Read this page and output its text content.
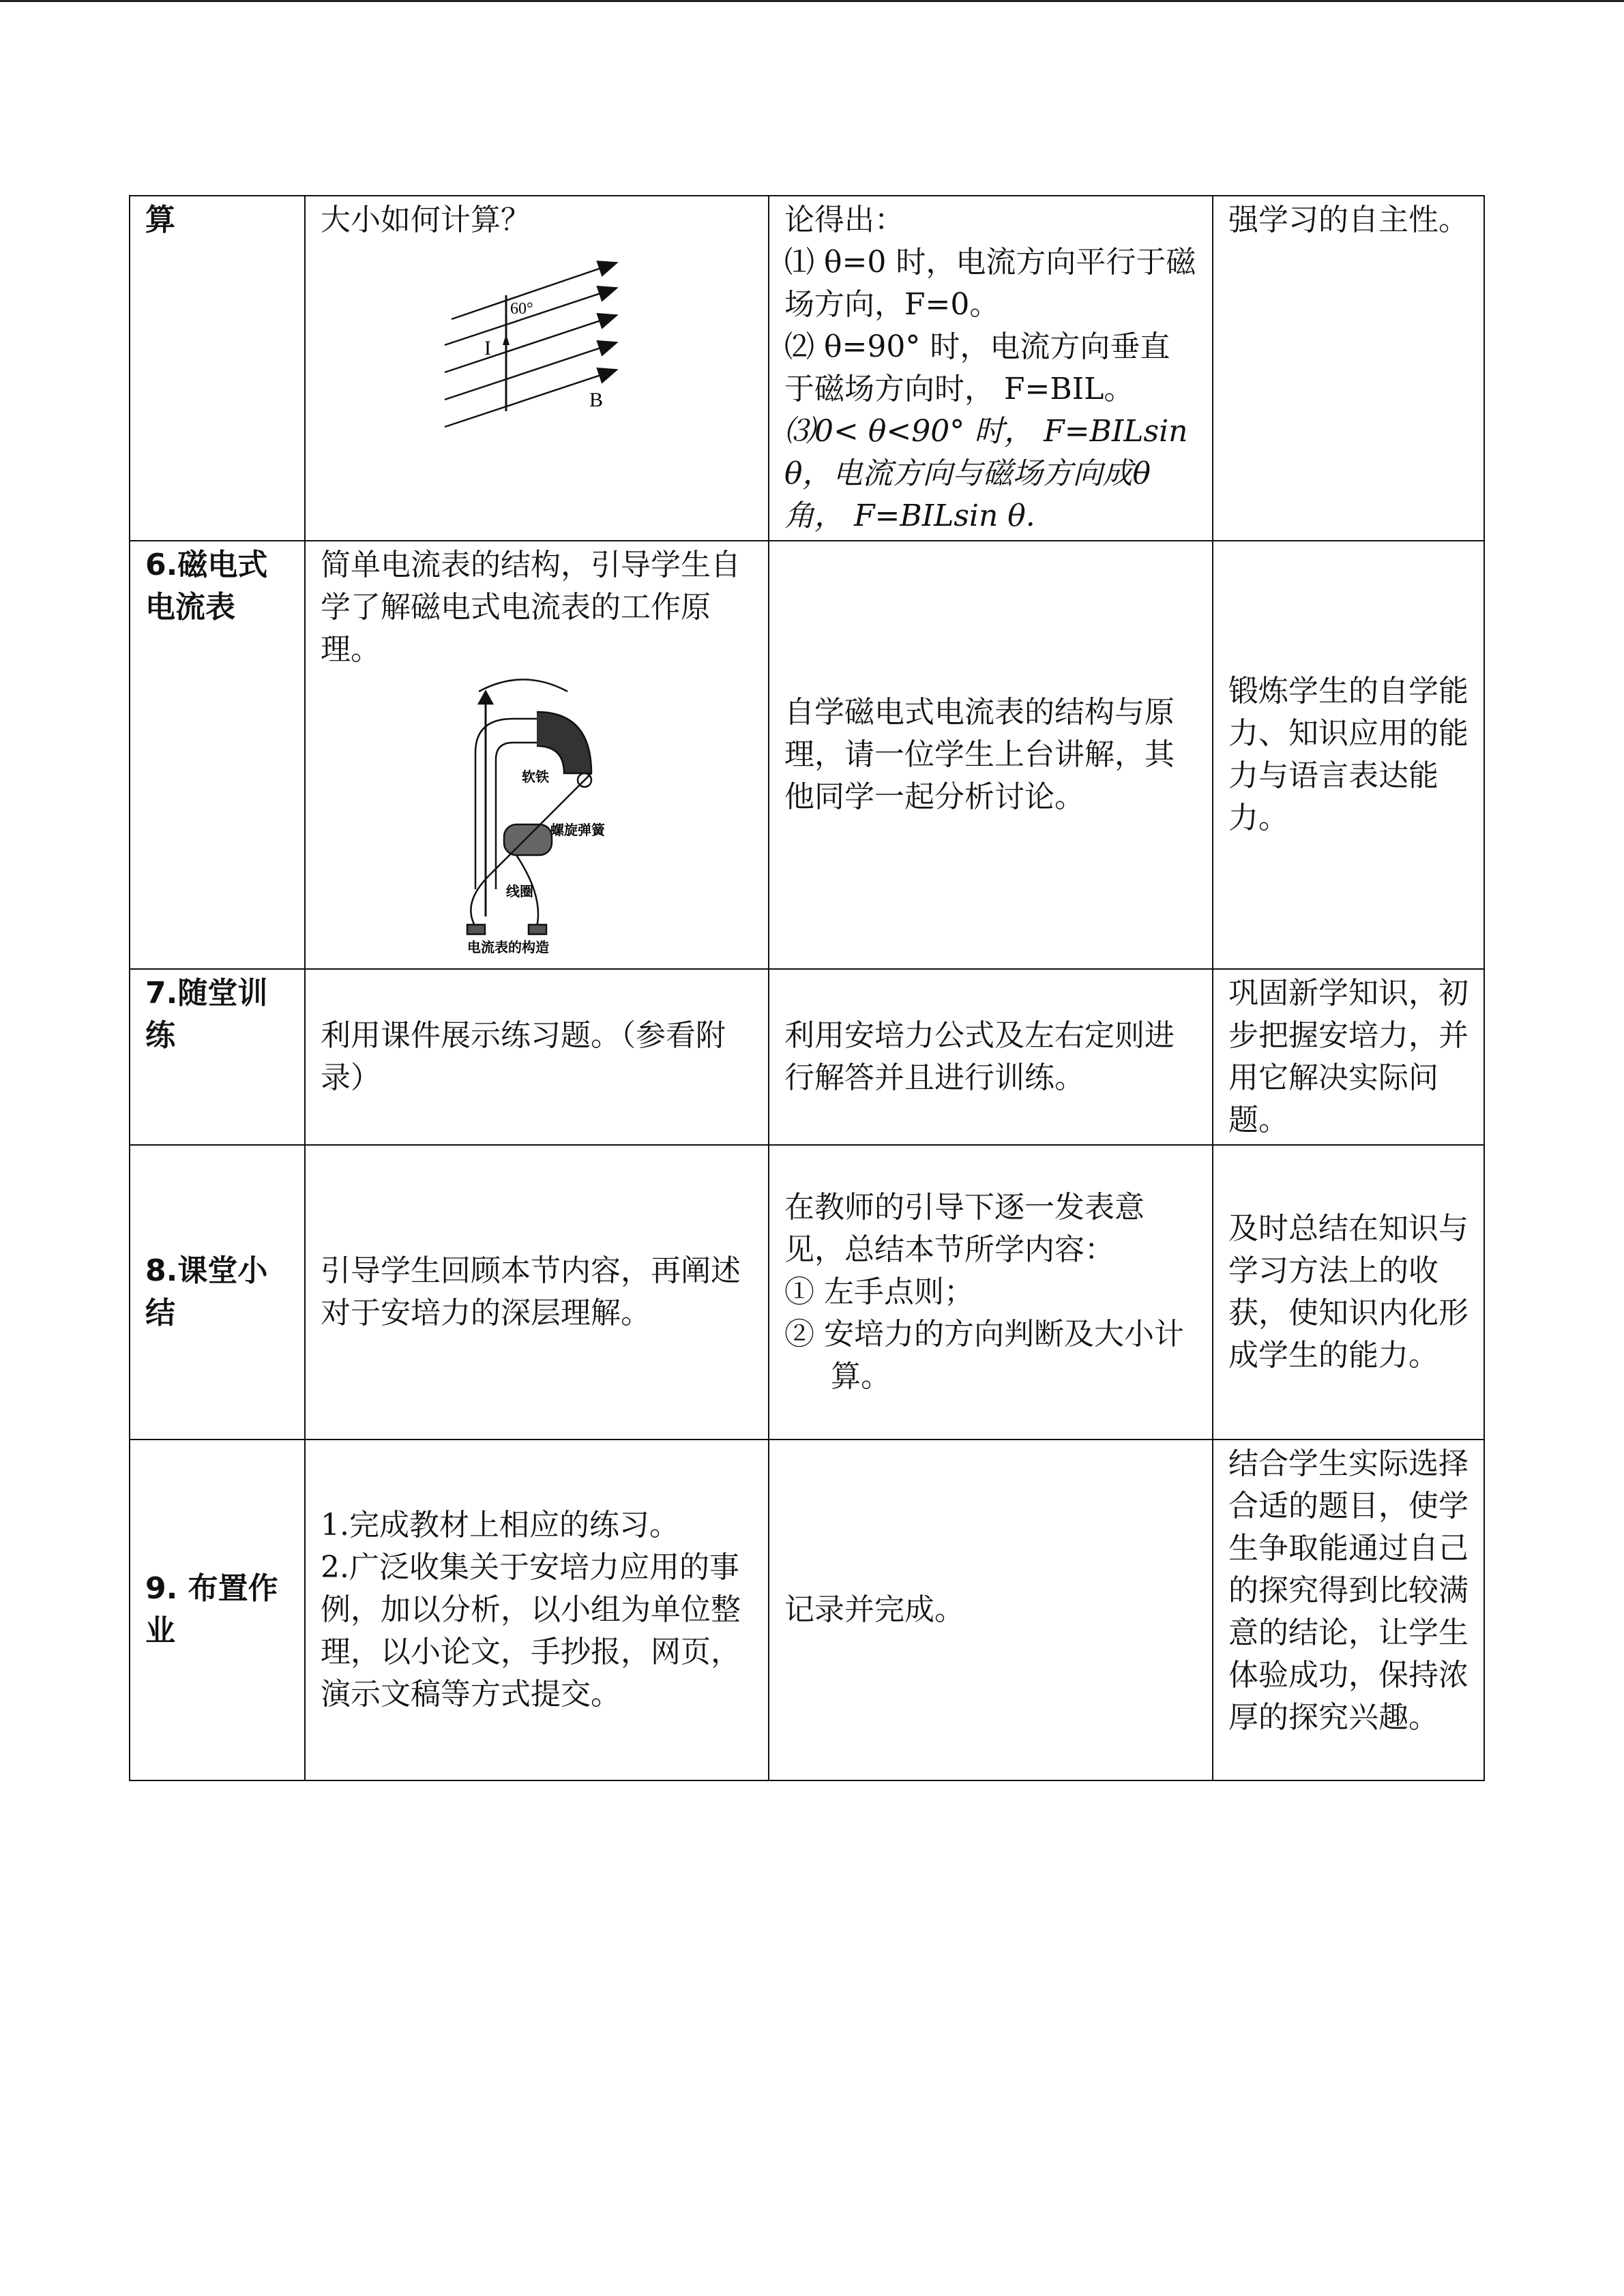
算	大小如何计算？
60°
I
B	论得出：
⑴ θ=0 时，电流方向平行于磁场方向，F=0。
⑵ θ=90° 时，电流方向垂直于磁场方向时， F=BIL。
⑶0< θ<90° 时， F=BILsin θ，电流方向与磁场方向成θ角， F=BILsin θ.	强学习的自主性。
6.磁电式电流表	简单电流表的结构，引导学生自学了解磁电式电流表的工作原理。
软铁
螺旋弹簧
线圈
电流表的构造	自学磁电式电流表的结构与原理，请一位学生上台讲解，其他同学一起分析讨论。	锻炼学生的自学能力、知识应用的能力与语言表达能力。
7.随堂训练	利用课件展示练习题。（参看附录）	利用安培力公式及左右定则进行解答并且进行训练。	巩固新学知识，初步把握安培力，并用它解决实际问题。
8.课堂小结	引导学生回顾本节内容，再阐述对于安培力的深层理解。	在教师的引导下逐一发表意见，总结本节所学内容：
① 左手点则；
② 安培力的方向判断及大小计算。	及时总结在知识与学习方法上的收获，使知识内化形成学生的能力。
9. 布置作业	1.完成教材上相应的练习。
2.广泛收集关于安培力应用的事例，加以分析，以小组为单位整理，以小论文，手抄报，网页，演示文稿等方式提交。	记录并完成。	结合学生实际选择合适的题目，使学生争取能通过自己的探究得到比较满意的结论，让学生体验成功，保持浓厚的探究兴趣。
